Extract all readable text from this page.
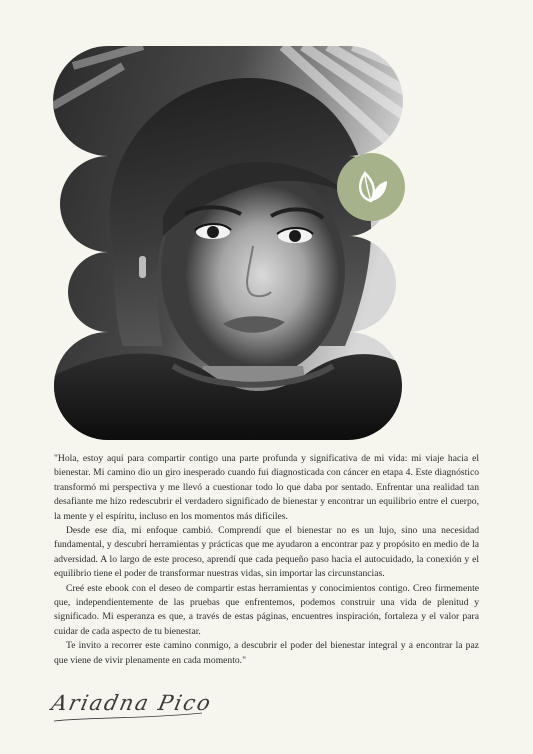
"Hola, estoy aquí para compartir contigo una parte profunda y significativa de mi vida: mi viaje hacia el bienestar. Mi camino dio un giro inesperado cuando fui diagnosticada con cáncer en etapa 4. Este diagnóstico transformó mi perspectiva y me llevó a cuestionar todo lo que daba por sentado. Enfrentar una realidad tan desafiante me hizo redescubrir el verdadero significado de bienestar y encontrar un equilibrio entre el cuerpo, la mente y el espíritu, incluso en los momentos más difíciles.

Desde ese día, mi enfoque cambió. Comprendí que el bienestar no es un lujo, sino una necesidad fundamental, y descubrí herramientas y prácticas que me ayudaron a encontrar paz y propósito en medio de la adversidad. A lo largo de este proceso, aprendí que cada pequeño paso hacia el autocuidado, la conexión y el equilibrio tiene el poder de transformar nuestras vidas, sin importar las circunstancias.

Creé este ebook con el deseo de compartir estas herramientas y conocimientos contigo. Creo firmemente que, independientemente de las pruebas que enfrentemos, podemos construir una vida de plenitud y significado. Mi esperanza es que, a través de estas páginas, encuentres inspiración, fortaleza y el valor para cuidar de cada aspecto de tu bienestar.

Te invito a recorrer este camino conmigo, a descubrir el poder del bienestar integral y a encontrar la paz que viene de vivir plenamente en cada momento."

Ariadna Pico
